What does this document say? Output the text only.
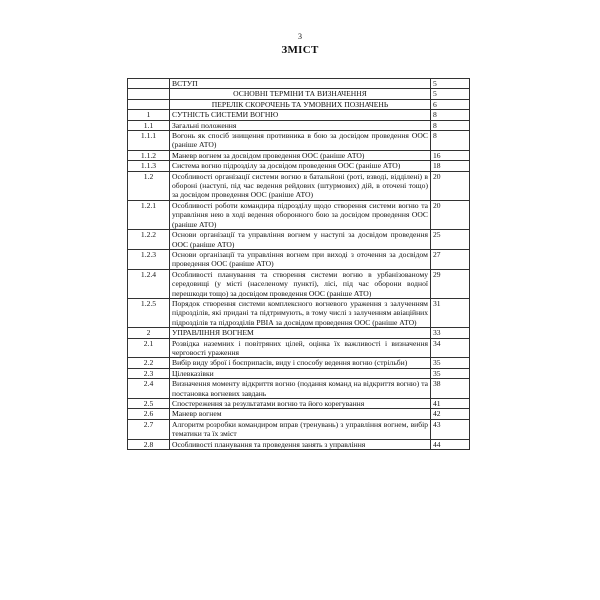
3
ЗМІСТ
	ВСТУП	5
	ОСНОВНІ ТЕРМІНИ ТА ВИЗНАЧЕННЯ	5
	ПЕРЕЛІК СКОРОЧЕНЬ ТА УМОВНИХ ПОЗНАЧЕНЬ	6
1	СУТНІСТЬ СИСТЕМИ ВОГНЮ	8
1.1	Загальні положення	8
1.1.1	Вогонь як спосіб знищення противника в бою за досвідом проведення ООС (раніше АТО)	8
1.1.2	Маневр вогнем за досвідом проведення ООС (раніше АТО)	16
1.1.3	Система вогню підрозділу за досвідом проведення ООС (раніше АТО)	18
1.2	Особливості організації системи вогню в батальйоні (роті, взводі, відділені) в обороні (наступі, під час ведення рейдових (штурмових) дій, в оточені тощо) за досвідом проведення ООС (раніше АТО)	20
1.2.1	Особливості роботи командира підрозділу щодо створення системи вогню та управління нею в ході ведення оборонного бою за досвідом проведення ООС (раніше АТО)	20
1.2.2	Основи організації та управління вогнем у наступі за досвідом проведення ООС (раніше АТО)	25
1.2.3	Основи організації та управління вогнем при виході з оточення за досвідом проведення ООС (раніше АТО)	27
1.2.4	Особливості планування та створення системи вогню в урбанізованому середовищі (у місті (населеному пункті), лісі, під час оборони водної перешкоди тощо) за досвідом проведення ООС (раніше АТО)	29
1.2.5	Порядок створення системи комплексного вогневого ураження з залученням підрозділів, які придані та підтримують, в тому числі з залученням авіаційних підрозділів та підрозділів РВІА за досвідом проведення ООС (раніше АТО)	31
2	УПРАВЛІННЯ ВОГНЕМ	33
2.1	Розвідка наземних і повітряних цілей, оцінка їх важливості і визначення черговості ураження	34
2.2	Вибір виду зброї і боєприпасів, виду і способу ведення вогню (стрільби)	35
2.3	Цілевказівки	35
2.4	Визначення моменту відкриття вогню (подання команд на відкриття вогню) та постановка вогневих завдань	38
2.5	Спостереження за результатами вогню та його корегування	41
2.6	Маневр вогнем	42
2.7	Алгоритм розробки командиром вправ (тренувань) з управління вогнем, вибір тематики та їх зміст	43
2.8	Особливості планування та проведення занять з управління	44
